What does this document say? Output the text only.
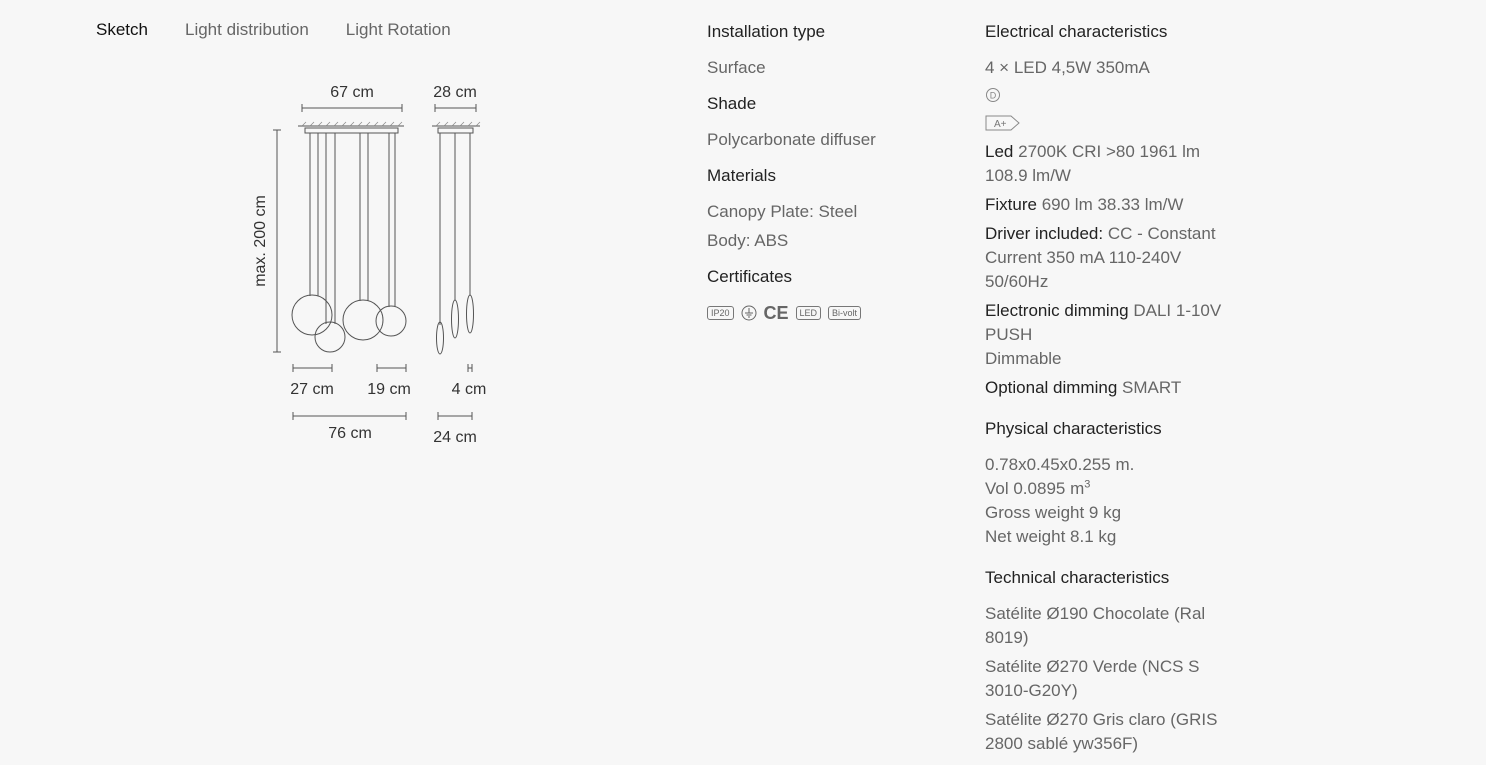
Sketch Light distribution Light Rotation
67 cm	28 cm
max. 200 cm
27 cm 19 cm	4 cm
76 cm	24 cm
Installation type
Surface
Shade
Polycarbonate diffuser
Materials
Canopy Plate: Steel
Body: ABS
Certificates
IP20 CE	LED	Bi-volt
Electrical characteristics
4 × LED 4,5W 350mA
D
A+
Led 2700K CRI >80 1961 lm 108.9 lm/W
Fixture 690 lm 38.33 lm/W
Driver included: CC - Constant Current 350 mA 110-240V 50/60Hz
Electronic dimming DALI 1-10V PUSH
Dimmable
Optional dimming SMART
Physical characteristics
0.78x0.45x0.255 m.
Vol 0.0895 $m^3$
Gross weight 9 kg
Net weight 8.1 kg
Technical characteristics
Satélite Ø190 Chocolate (Ral 8019)
Satélite Ø270 Verde (NCS S 3010-G20Y)
Satélite Ø270 Gris claro (GRIS 2800 sablé yw356F)
